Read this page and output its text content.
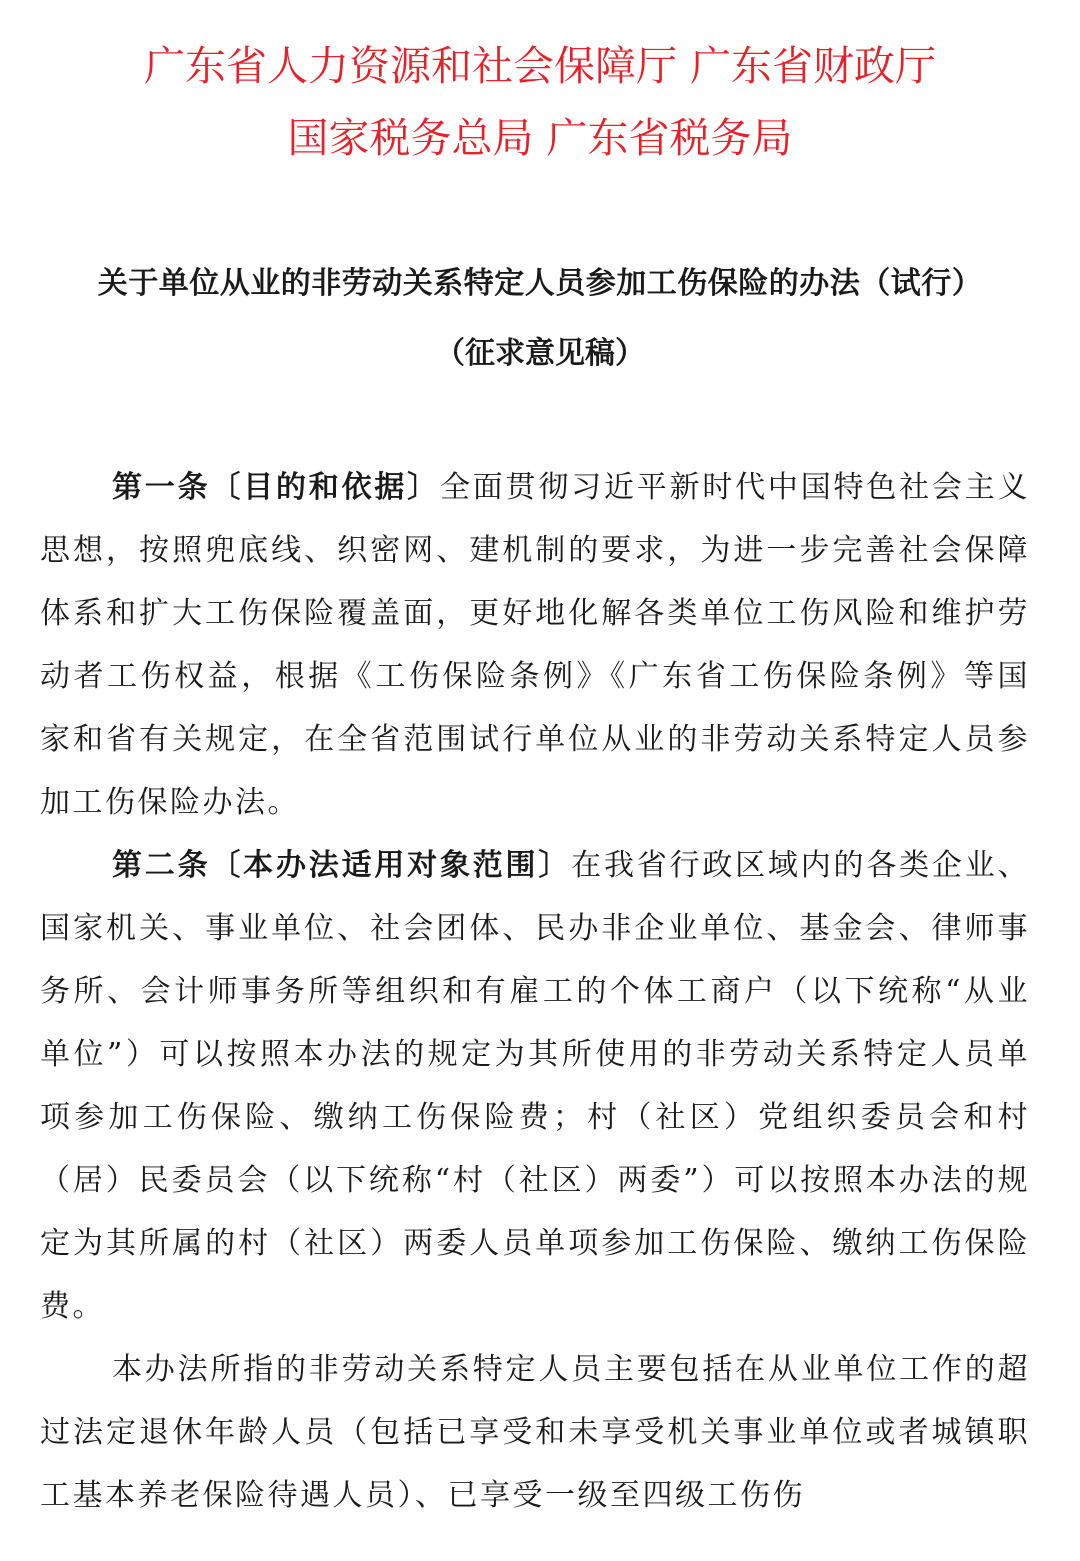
广东省人力资源和社会保障厅 广东省财政厅
国家税务总局 广东省税务局
关于单位从业的非劳动关系特定人员参加工伤保险的办法（试行）
（征求意见稿）

第一条〔目的和依据〕全面贯彻习近平新时代中国特色社会主义思想，按照兜底线、织密网、建机制的要求，为进一步完善社会保障体系和扩大工伤保险覆盖面，更好地化解各类单位工伤风险和维护劳动者工伤权益，根据《工伤保险条例》《广东省工伤保险条例》等国家和省有关规定，在全省范围试行单位从业的非劳动关系特定人员参加工伤保险办法。

第二条〔本办法适用对象范围〕在我省行政区域内的各类企业、国家机关、事业单位、社会团体、民办非企业单位、基金会、律师事务所、会计师事务所等组织和有雇工的个体工商户（以下统称“从业单位”）可以按照本办法的规定为其所使用的非劳动关系特定人员单项参加工伤保险、缴纳工伤保险费；村（社区）党组织委员会和村（居）民委员会（以下统称“村（社区）两委”）可以按照本办法的规定为其所属的村（社区）两委人员单项参加工伤保险、缴纳工伤保险费。

本办法所指的非劳动关系特定人员主要包括在从业单位工作的超过法定退休年龄人员（包括已享受和未享受机关事业单位或者城镇职工基本养老保险待遇人员）、已享受一级至四级工伤伤
